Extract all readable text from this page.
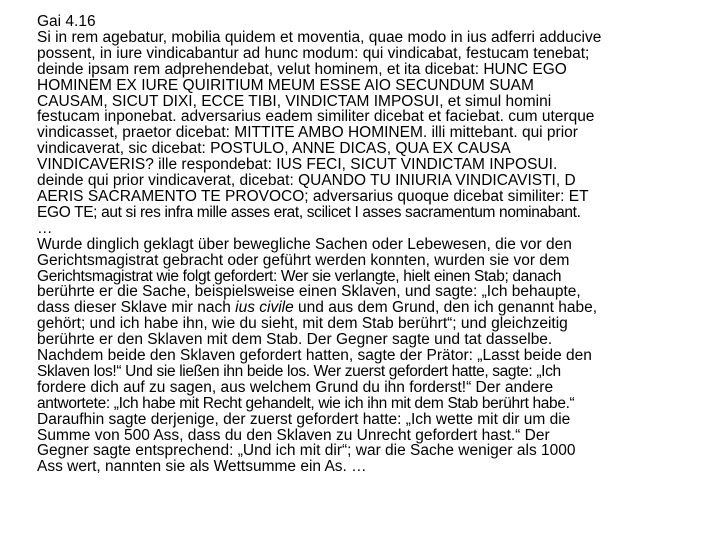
Gai 4.16
Si in rem agebatur, mobilia quidem et moventia, quae modo in ius adferri adducive
possent, in iure vindicabantur ad hunc modum: qui vindicabat, festucam tenebat;
deinde ipsam rem adprehendebat, velut hominem, et ita dicebat: HUNC EGO
HOMINEM EX IURE QUIRITIUM MEUM ESSE AIO SECUNDUM SUAM
CAUSAM, SICUT DIXI, ECCE TIBI, VINDICTAM IMPOSUI, et simul homini
festucam inponebat. adversarius eadem similiter dicebat et faciebat. cum uterque
vindicasset, praetor dicebat: MITTITE AMBO HOMINEM. illi mittebant. qui prior
vindicaverat, sic dicebat: POSTULO, ANNE DICAS, QUA EX CAUSA
VINDICAVERIS? ille respondebat: IUS FECI, SICUT VINDICTAM INPOSUI.
deinde qui prior vindicaverat, dicebat: QUANDO TU INIURIA VINDICAVISTI, D
AERIS SACRAMENTO TE PROVOCO; adversarius quoque dicebat similiter: ET
EGO TE; aut si res infra mille asses erat, scilicet I asses sacramentum nominabant.
…
Wurde dinglich geklagt über bewegliche Sachen oder Lebewesen, die vor den
Gerichtsmagistrat gebracht oder geführt werden konnten, wurden sie vor dem
Gerichtsmagistrat wie folgt gefordert: Wer sie verlangte, hielt einen Stab; danach
berührte er die Sache, beispielsweise einen Sklaven, und sagte: „Ich behaupte,
dass dieser Sklave mir nach ius civile und aus dem Grund, den ich genannt habe,
gehört; und ich habe ihn, wie du sieht, mit dem Stab berührt“; und gleichzeitig
berührte er den Sklaven mit dem Stab. Der Gegner sagte und tat dasselbe.
Nachdem beide den Sklaven gefordert hatten, sagte der Prätor: „Lasst beide den
Sklaven los!“ Und sie ließen ihn beide los. Wer zuerst gefordert hatte, sagte: „Ich
fordere dich auf zu sagen, aus welchem Grund du ihn forderst!“ Der andere
antwortete: „Ich habe mit Recht gehandelt, wie ich ihn mit dem Stab berührt habe.“
Daraufhin sagte derjenige, der zuerst gefordert hatte: „Ich wette mit dir um die
Summe von 500 Ass, dass du den Sklaven zu Unrecht gefordert hast.“ Der
Gegner sagte entsprechend: „Und ich mit dir“; war die Sache weniger als 1000
Ass wert, nannten sie als Wettsumme ein As. …
